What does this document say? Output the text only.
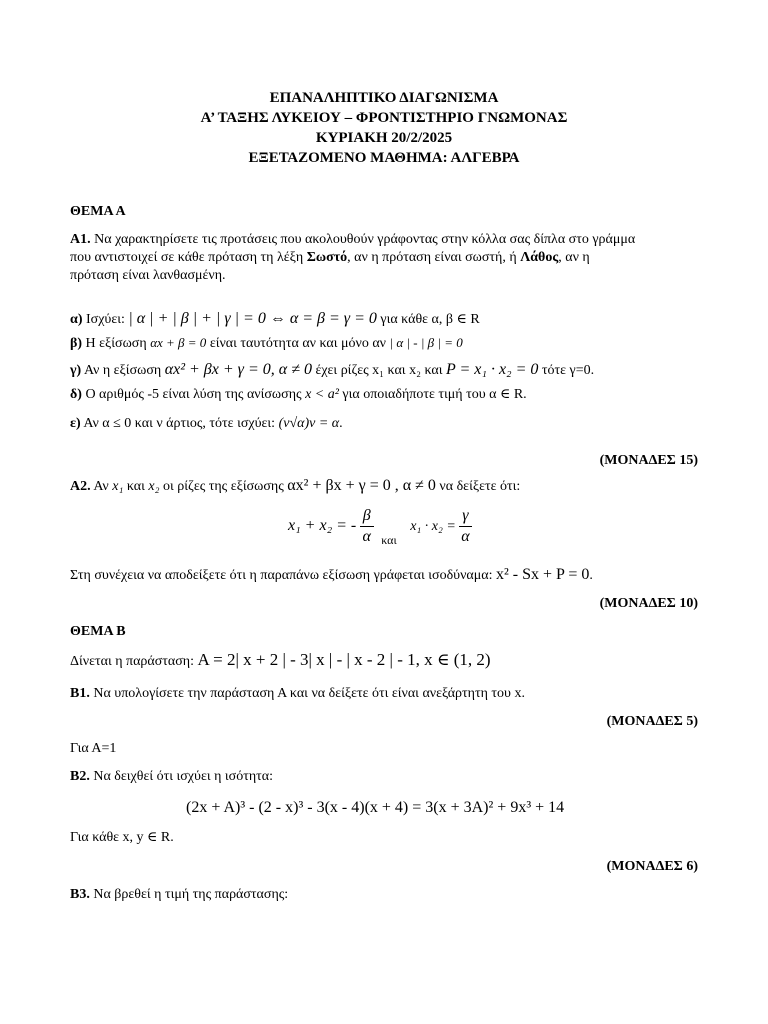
ΕΠΑΝΑΛΗΠΤΙΚΟ ΔΙΑΓΩΝΙΣΜΑ
Α’ ΤΑΞΗΣ ΛΥΚΕΙΟΥ – ΦΡΟΝΤΙΣΤΗΡΙΟ ΓΝΩΜΟΝΑΣ
ΚΥΡΙΑΚΗ 20/2/2025
ΕΞΕΤΑΖΟΜΕΝΟ ΜΑΘΗΜΑ: ΑΛΓΕΒΡΑ
ΘΕΜΑ Α
Α1. Να χαρακτηρίσετε τις προτάσεις που ακολουθούν γράφοντας στην κόλλα σας δίπλα στο γράμμα
που αντιστοιχεί σε κάθε πρόταση τη λέξη Σωστό, αν η πρόταση είναι σωστή, ή Λάθος, αν η
πρόταση είναι λανθασμένη.
α) Ισχύει: | α | + | β | + | γ | = 0 ⇔ α = β = γ = 0 για κάθε α, β ∈ R
β) Η εξίσωση αx + β = 0 είναι ταυτότητα αν και μόνο αν | α | - | β | = 0
γ) Αν η εξίσωση αx² + βx + γ = 0, α ≠ 0 έχει ρίζες x₁ και x₂ και P = x₁ · x₂ = 0 τότε γ=0.
δ) Ο αριθμός -5 είναι λύση της ανίσωσης x < a² για οποιαδήποτε τιμή του α ∈ R.
ε) Αν α ≤ 0 και ν άρτιος, τότε ισχύει: (ν√α)ν = α.
(ΜΟΝΑΔΕΣ 15)
Α2. Αν x₁ και x₂ οι ρίζες της εξίσωσης αx² + βx + γ = 0 , α ≠ 0 να δείξετε ότι:
x₁ + x₂ = - $\frac{\beta}{\alpha}$ και $x_1 \cdot x_2 = \frac{\gamma}{\alpha}$
Στη συνέχεια να αποδείξετε ότι η παραπάνω εξίσωση γράφεται ισοδύναμα: x² - Sx + P = 0.
(ΜΟΝΑΔΕΣ 10)
ΘΕΜΑ Β
Δίνεται η παράσταση: Α = 2| x + 2 | - 3| x | - | x - 2 | - 1, x ∈ (1, 2)
Β1. Να υπολογίσετε την παράσταση Α και να δείξετε ότι είναι ανεξάρτητη του x.
(ΜΟΝΑΔΕΣ 5)
Για Α=1
Β2. Να δειχθεί ότι ισχύει η ισότητα:
(2x + A)³ - (2 - x)³ - 3(x - 4)(x + 4) = 3(x + 3A)² + 9x³ + 14
Για κάθε x, y ∈ R.
(ΜΟΝΑΔΕΣ 6)
Β3. Να βρεθεί η τιμή της παράστασης:
